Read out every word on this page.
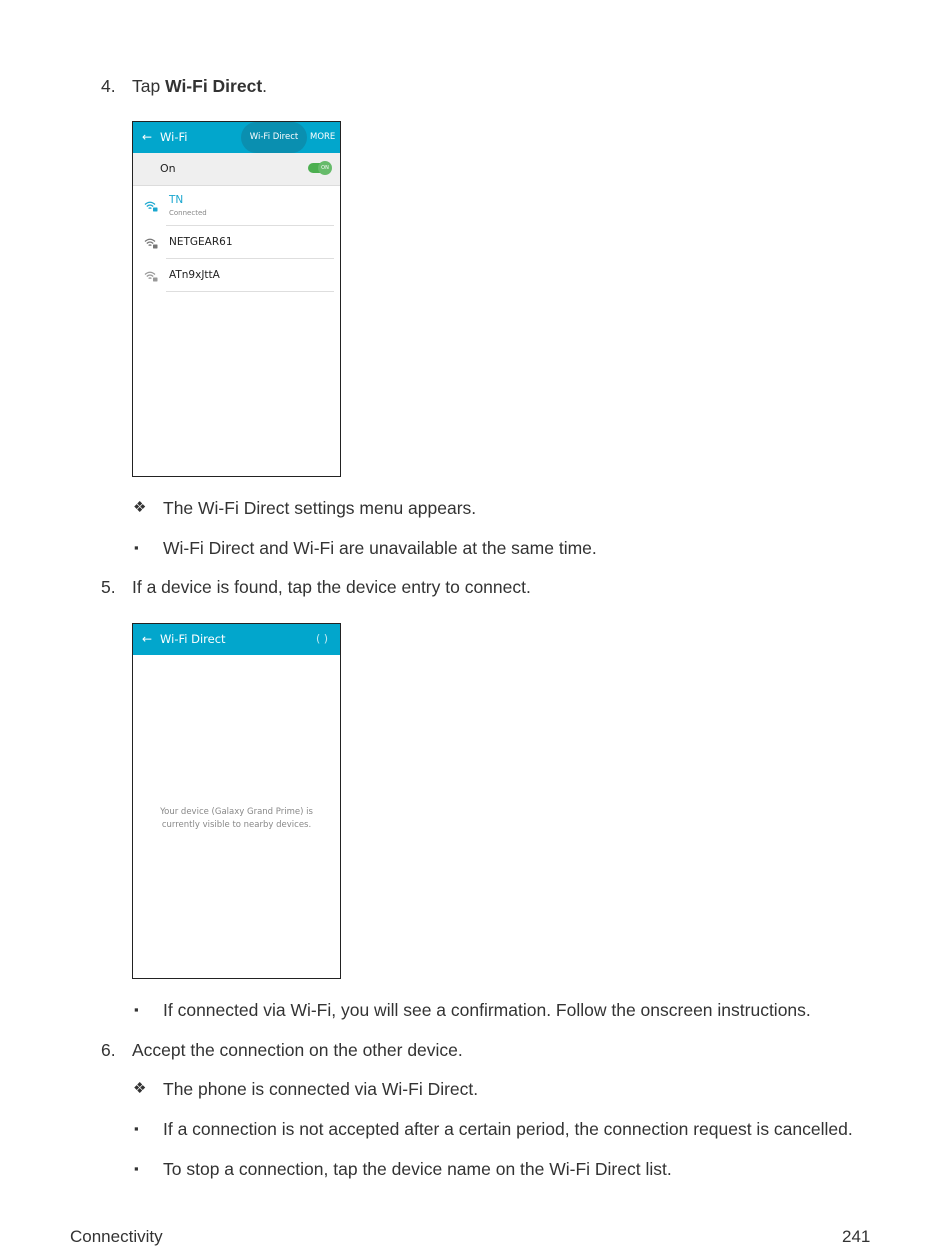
4. Tap Wi-Fi Direct.
← Wi-Fi	Wi-Fi Direct	MORE
On	ON
TN
Connected
NETGEAR61
ATn9xJttA
❖ The Wi-Fi Direct settings menu appears.
▪ Wi-Fi Direct and Wi-Fi are unavailable at the same time.
5. If a device is found, tap the device entry to connect.
← Wi-Fi Direct	( )
Your device (Galaxy Grand Prime) is currently visible to nearby devices.
▪ If connected via Wi-Fi, you will see a confirmation. Follow the onscreen instructions.
6. Accept the connection on the other device.
❖ The phone is connected via Wi-Fi Direct.
▪ If a connection is not accepted after a certain period, the connection request is cancelled.
▪ To stop a connection, tap the device name on the Wi-Fi Direct list.
Connectivity	241
